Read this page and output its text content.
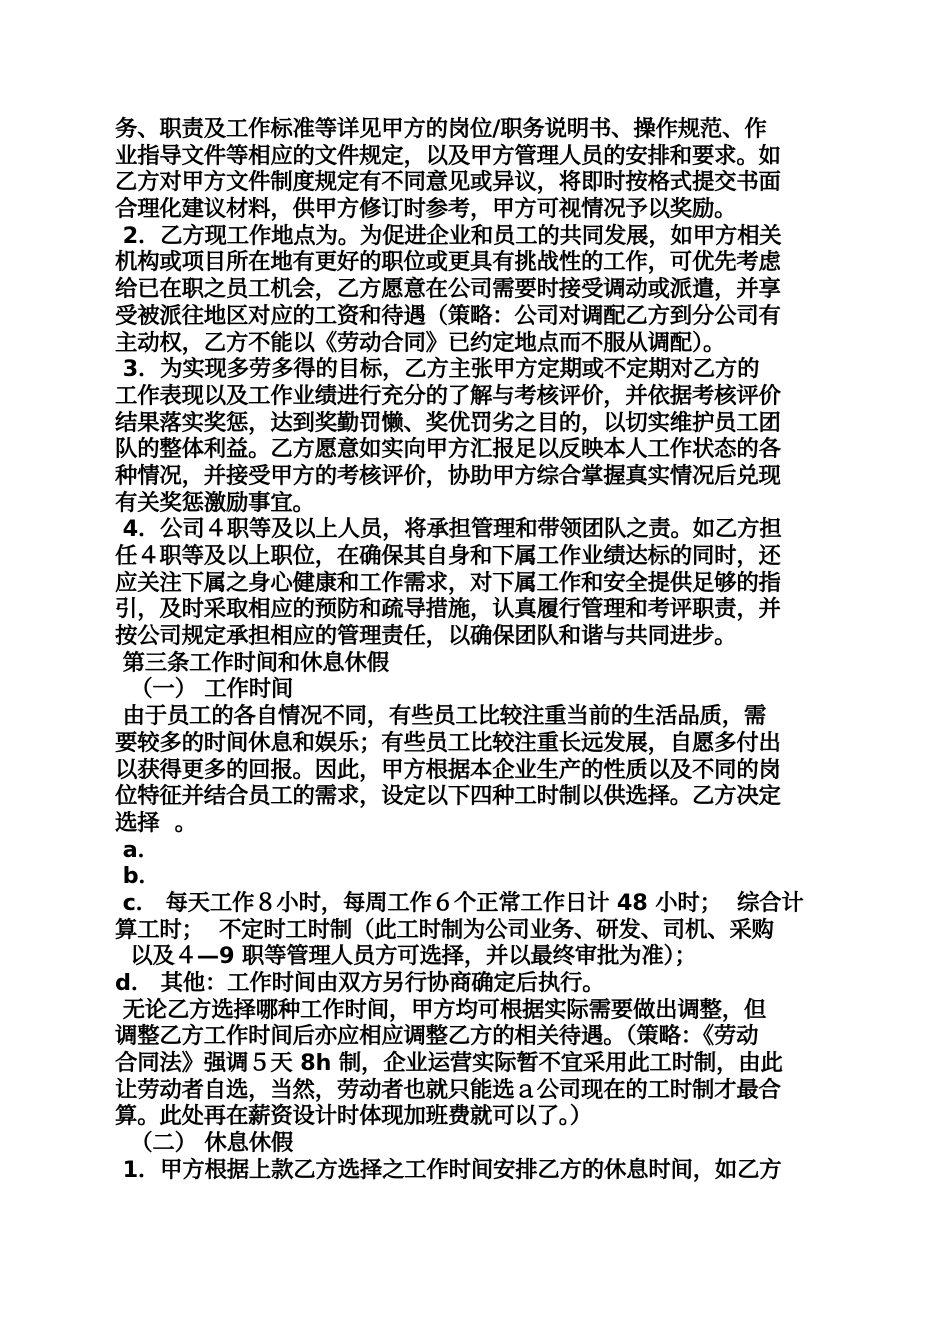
务、职责及工作标准等详见甲方的岗位/职务说明书、操作规范、作
业指导文件等相应的文件规定，以及甲方管理人员的安排和要求。如
乙方对甲方文件制度规定有不同意见或异议，将即时按格式提交书面
合理化建议材料，供甲方修订时参考，甲方可视情况予以奖励。
2．乙方现工作地点为。为促进企业和员工的共同发展，如甲方相关
机构或项目所在地有更好的职位或更具有挑战性的工作，可优先考虑
给已在职之员工机会，乙方愿意在公司需要时接受调动或派遣，并享
受被派往地区对应的工资和待遇（策略：公司对调配乙方到分公司有
主动权，乙方不能以《劳动合同》已约定地点而不服从调配）。
3．为实现多劳多得的目标，乙方主张甲方定期或不定期对乙方的
工作表现以及工作业绩进行充分的了解与考核评价，并依据考核评价
结果落实奖惩，达到奖勤罚懒、奖优罚劣之目的，以切实维护员工团
队的整体利益。乙方愿意如实向甲方汇报足以反映本人工作状态的各
种情况，并接受甲方的考核评价，协助甲方综合掌握真实情况后兑现
有关奖惩激励事宜。
4．公司４职等及以上人员，将承担管理和带领团队之责。如乙方担
任４职等及以上职位，在确保其自身和下属工作业绩达标的同时，还
应关注下属之身心健康和工作需求，对下属工作和安全提供足够的指
引，及时采取相应的预防和疏导措施，认真履行管理和考评职责，并
按公司规定承担相应的管理责任，以确保团队和谐与共同进步。
第三条工作时间和休息休假
（一） 工作时间
由于员工的各自情况不同，有些员工比较注重当前的生活品质，需
要较多的时间休息和娱乐；有些员工比较注重长远发展，自愿多付出
以获得更多的回报。因此，甲方根据本企业生产的性质以及不同的岗
位特征并结合员工的需求，设定以下四种工时制以供选择。乙方决定
选择  。
a．
b．
c． 每天工作８小时，每周工作６个正常工作日计 48 小时；  综合计
算工时；  不定时工时制（此工时制为公司业务、研发、司机、采购
以及４—9 职等管理人员方可选择，并以最终审批为准）；
d． 其他：工作时间由双方另行协商确定后执行。
无论乙方选择哪种工作时间，甲方均可根据实际需要做出调整，但
调整乙方工作时间后亦应相应调整乙方的相关待遇。（策略：《劳动
合同法》强调５天 8h 制，企业运营实际暂不宜采用此工时制，由此
让劳动者自选，当然，劳动者也就只能选ａ公司现在的工时制才最合
算。此处再在薪资设计时体现加班费就可以了。）
（二） 休息休假
1．甲方根据上款乙方选择之工作时间安排乙方的休息时间，如乙方
